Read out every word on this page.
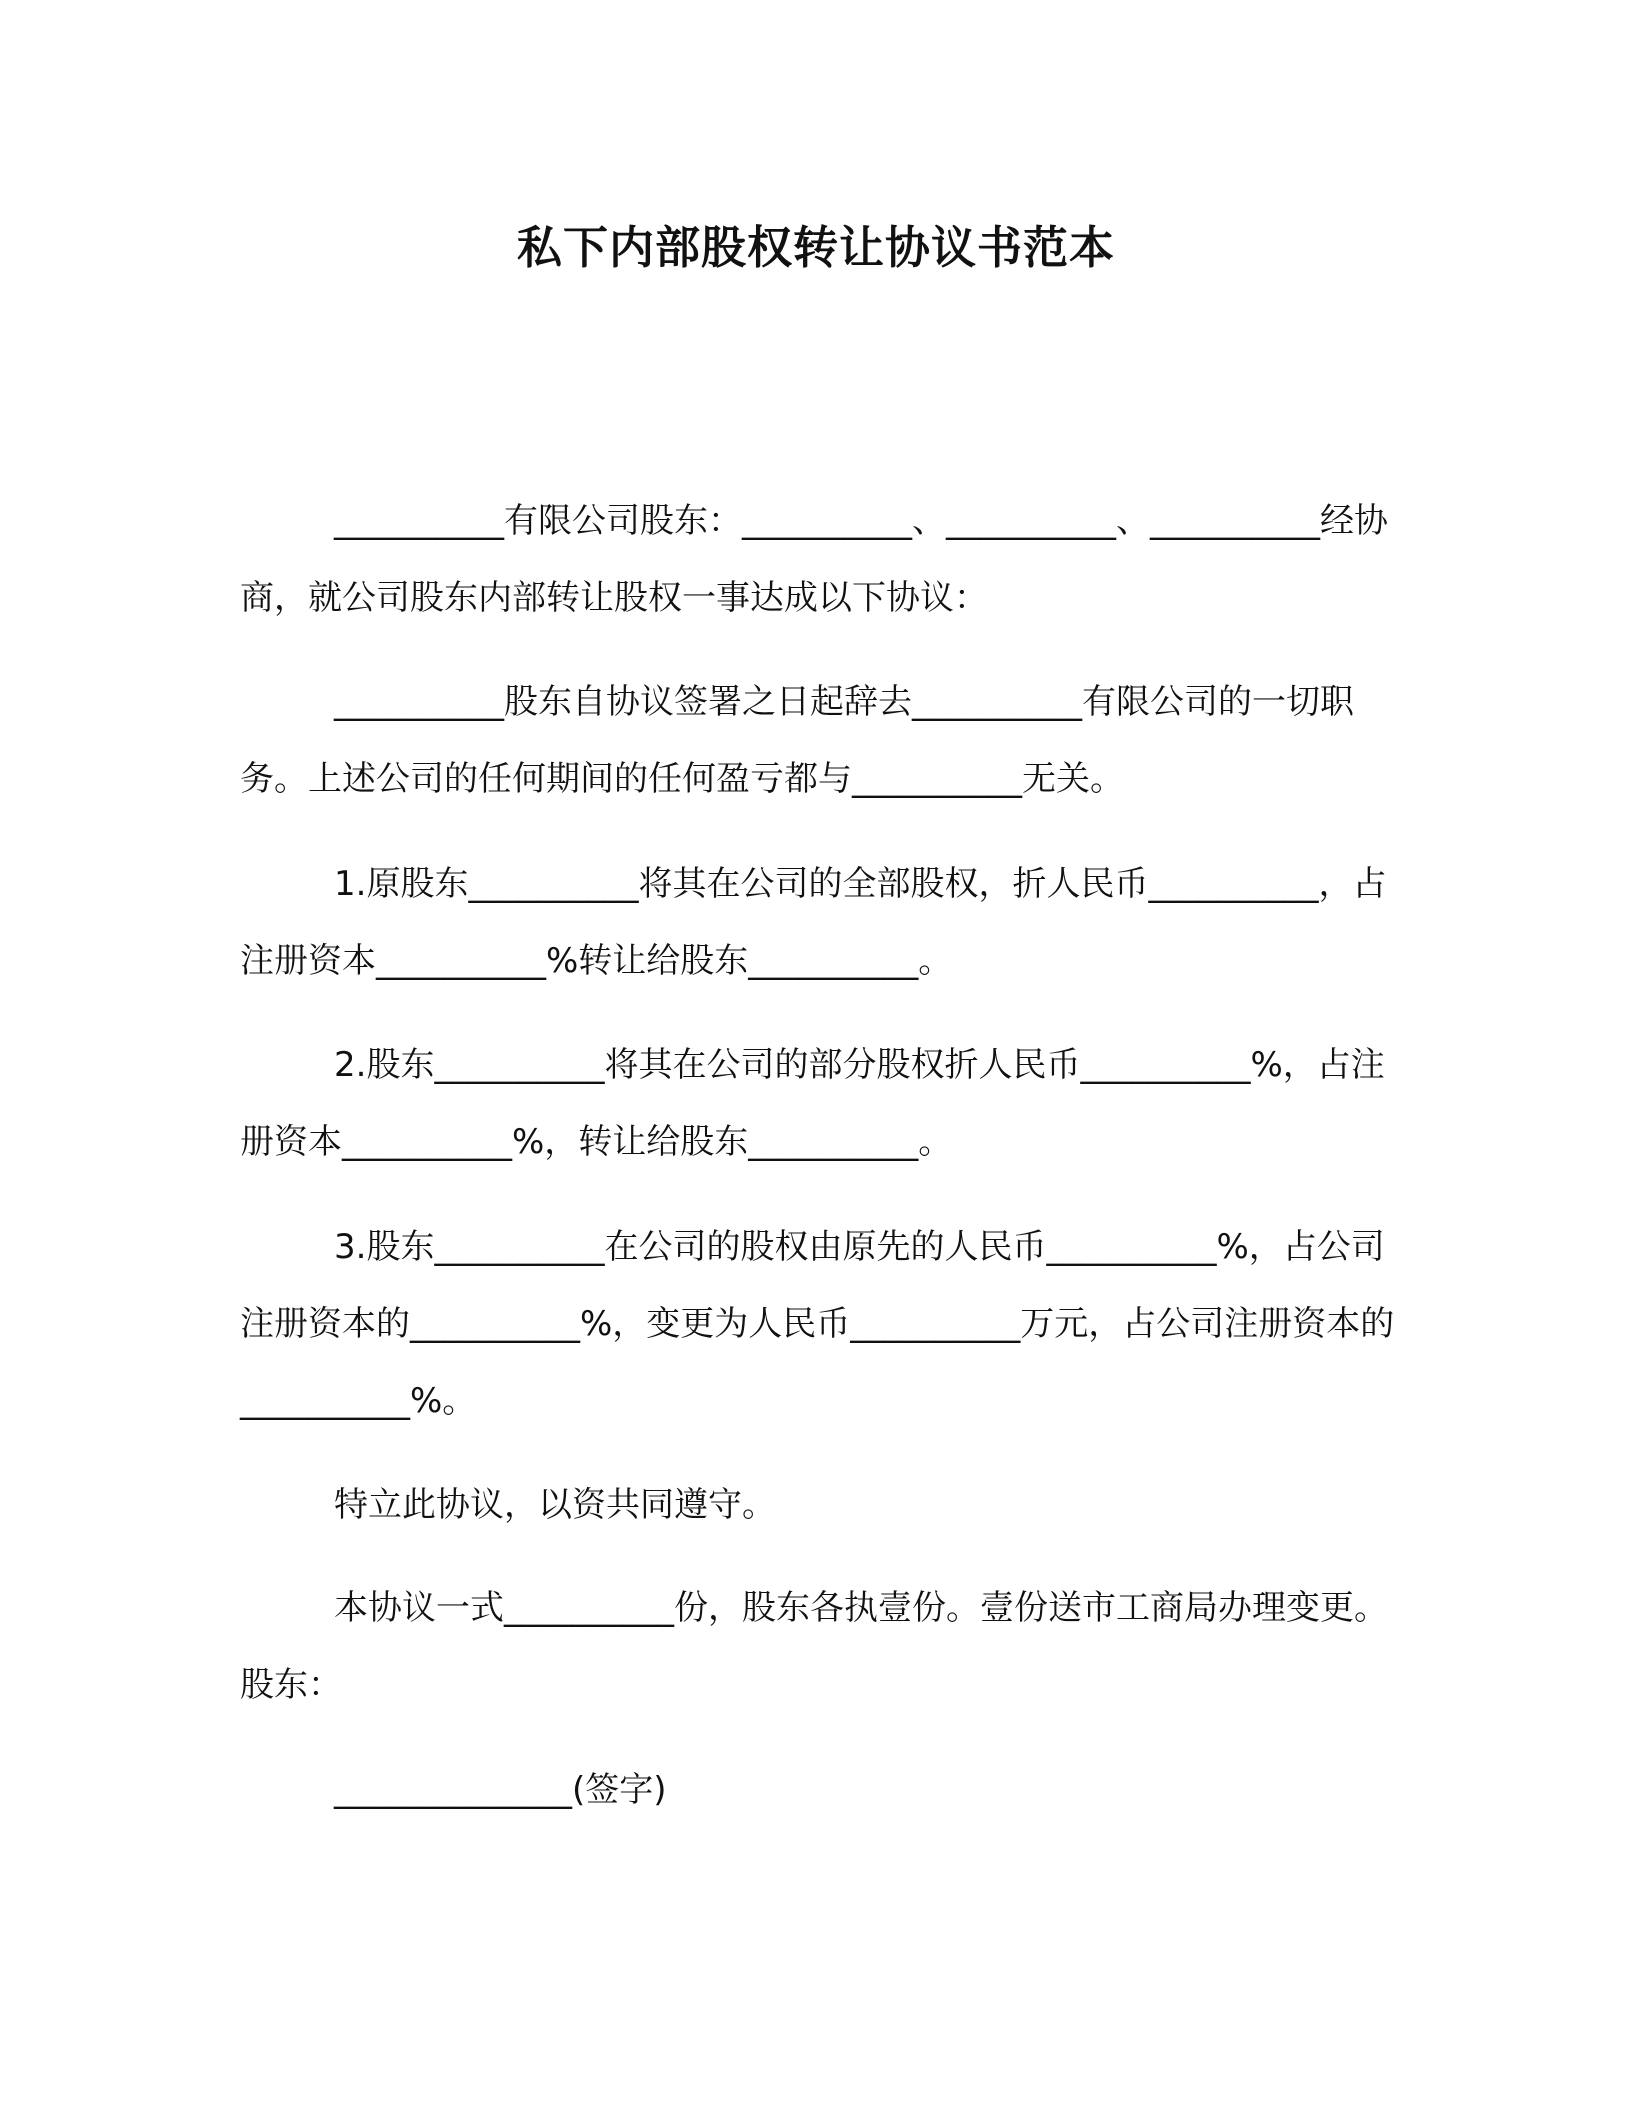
私下内部股权转让协议书范本

__________有限公司股东：__________、__________、__________经协商，就公司股东内部转让股权一事达成以下协议：

__________股东自协议签署之日起辞去__________有限公司的一切职务。上述公司的任何期间的任何盈亏都与__________无关。

1.原股东__________将其在公司的全部股权，折人民币__________，占注册资本__________%转让给股东__________。

2.股东__________将其在公司的部分股权折人民币__________%，占注册资本__________%，转让给股东__________。

3.股东__________在公司的股权由原先的人民币__________%，占公司注册资本的__________%，变更为人民币__________万元，占公司注册资本的__________%。

特立此协议，以资共同遵守。

本协议一式__________份，股东各执壹份。壹份送市工商局办理变更。 股东：

______________(签字)
